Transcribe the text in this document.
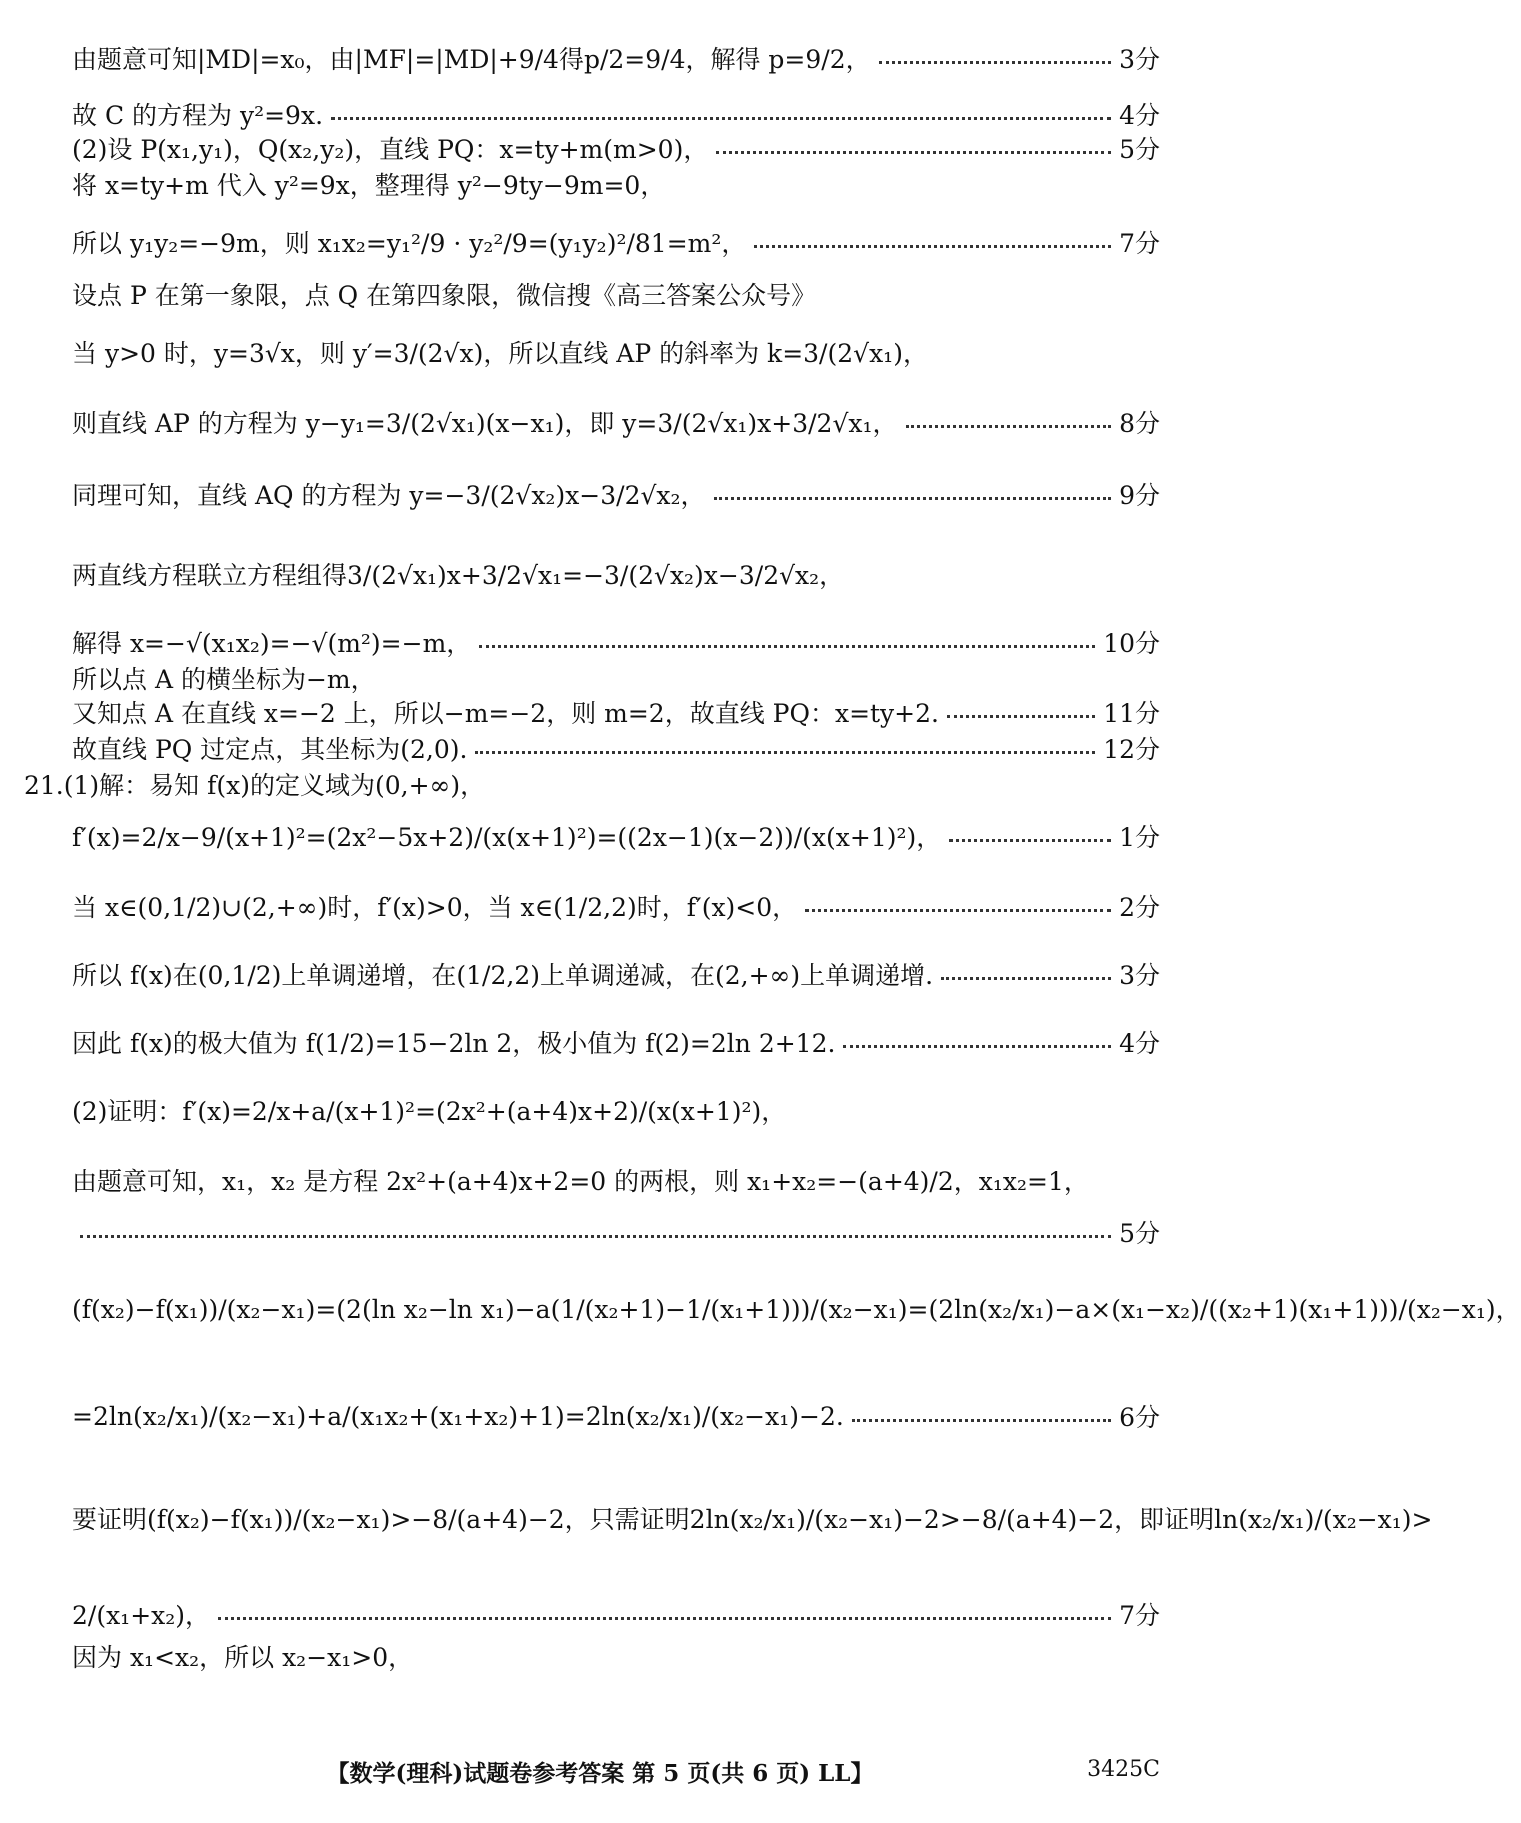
由题意可知|MD|=x₀，由|MF|=|MD|+9/4得p/2=9/4，解得 p=9/2，	3分
故 C 的方程为 y²=9x.	4分
(2)设 P(x₁,y₁)，Q(x₂,y₂)，直线 PQ：x=ty+m(m>0)，	5分
将 x=ty+m 代入 y²=9x，整理得 y²−9ty−9m=0，
所以 y₁y₂=−9m，则 x₁x₂=y₁²/9 · y₂²/9=(y₁y₂)²/81=m²，	7分
设点 P 在第一象限，点 Q 在第四象限，微信搜《高三答案公众号》
当 y>0 时，y=3√x，则 y′=3/(2√x)，所以直线 AP 的斜率为 k=3/(2√x₁)，
则直线 AP 的方程为 y−y₁=3/(2√x₁)(x−x₁)，即 y=3/(2√x₁)x+3/2√x₁，	8分
同理可知，直线 AQ 的方程为 y=−3/(2√x₂)x−3/2√x₂，	9分
两直线方程联立方程组得3/(2√x₁)x+3/2√x₁=−3/(2√x₂)x−3/2√x₂，
解得 x=−√(x₁x₂)=−√(m²)=−m，	10分
所以点 A 的横坐标为−m，
又知点 A 在直线 x=−2 上，所以−m=−2，则 m=2，故直线 PQ：x=ty+2.	11分
故直线 PQ 过定点，其坐标为(2,0).	12分
21.(1)解：易知 f(x)的定义域为(0,+∞)，
f′(x)=2/x−9/(x+1)²=(2x²−5x+2)/(x(x+1)²)=((2x−1)(x−2))/(x(x+1)²)，	1分
当 x∈(0,1/2)∪(2,+∞)时，f′(x)>0，当 x∈(1/2,2)时，f′(x)<0，	2分
所以 f(x)在(0,1/2)上单调递增，在(1/2,2)上单调递减，在(2,+∞)上单调递增.	3分
因此 f(x)的极大值为 f(1/2)=15−2ln 2，极小值为 f(2)=2ln 2+12.	4分
(2)证明：f′(x)=2/x+a/(x+1)²=(2x²+(a+4)x+2)/(x(x+1)²)，
由题意可知，x₁，x₂ 是方程 2x²+(a+4)x+2=0 的两根，则 x₁+x₂=−(a+4)/2，x₁x₂=1，
5分
(f(x₂)−f(x₁))/(x₂−x₁)=(2(ln x₂−ln x₁)−a(1/(x₂+1)−1/(x₁+1)))/(x₂−x₁)=(2ln(x₂/x₁)−a×(x₁−x₂)/((x₂+1)(x₁+1)))/(x₂−x₁)，
=2ln(x₂/x₁)/(x₂−x₁)+a/(x₁x₂+(x₁+x₂)+1)=2ln(x₂/x₁)/(x₂−x₁)−2.	6分
要证明(f(x₂)−f(x₁))/(x₂−x₁)>−8/(a+4)−2，只需证明2ln(x₂/x₁)/(x₂−x₁)−2>−8/(a+4)−2，即证明ln(x₂/x₁)/(x₂−x₁)>
2/(x₁+x₂)，	7分
因为 x₁<x₂，所以 x₂−x₁>0，
【数学(理科)试题卷参考答案 第 5 页(共 6 页) LL】	3425C
